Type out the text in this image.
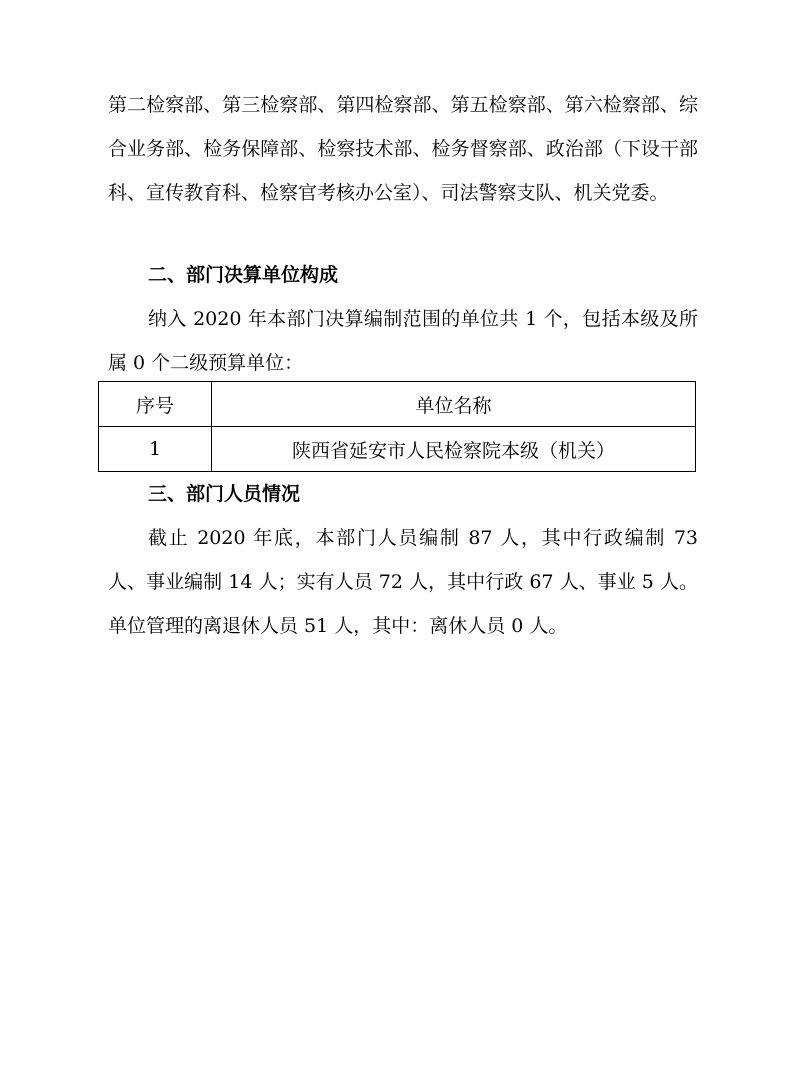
第二检察部、第三检察部、第四检察部、第五检察部、第六检察部、综合业务部、检务保障部、检察技术部、检务督察部、政治部（下设干部科、宣传教育科、检察官考核办公室）、司法警察支队、机关党委。

二、部门决算单位构成

纳入 2020 年本部门决算编制范围的单位共 1 个，包括本级及所属 0 个二级预算单位：

序号	单位名称
1	陕西省延安市人民检察院本级（机关）
三、部门人员情况

截止 2020 年底，本部门人员编制 87 人，其中行政编制 73 人、事业编制 14 人；实有人员 72 人，其中行政 67 人、事业 5 人。单位管理的离退休人员 51 人，其中：离休人员 0 人。
